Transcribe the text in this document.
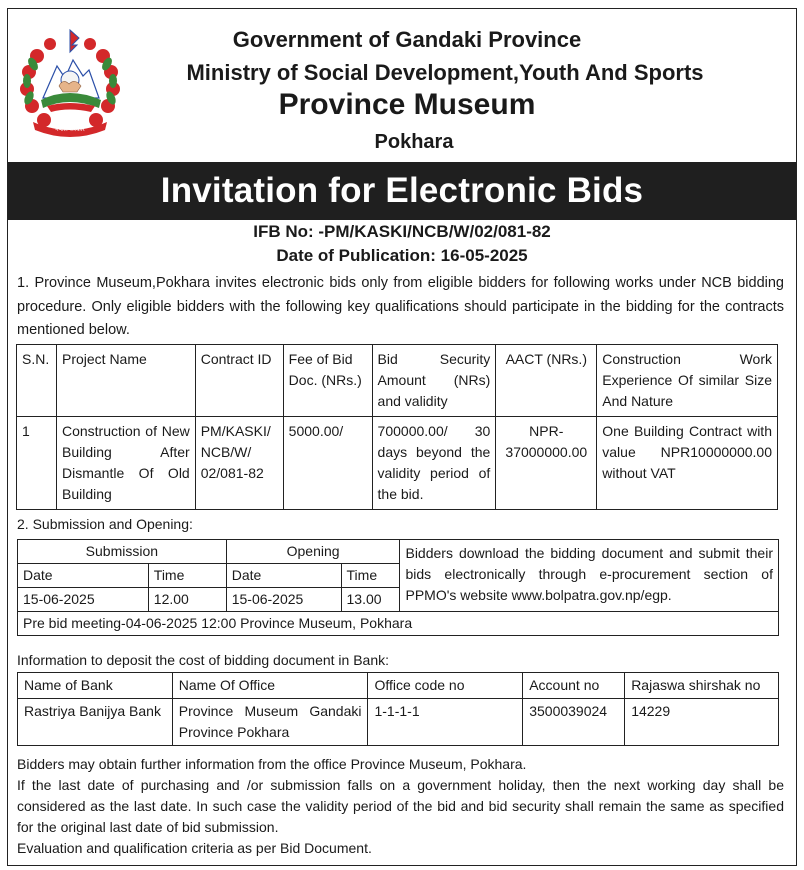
नेपाल सरकार
Government of Gandaki Province
Ministry of Social Development,Youth And Sports
Province Museum
Pokhara
Invitation for Electronic Bids
IFB No: -PM/KASKI/NCB/W/02/081-82
Date of Publication: 16-05-2025
1. Province Museum,Pokhara invites electronic bids only from eligible bidders for following works under NCB bidding procedure. Only eligible bidders with the following key qualifications should participate in the bidding for the contracts mentioned below.
S.N.	Project Name	Contract ID	Fee of Bid Doc. (NRs.)	Bid Security Amount (NRs) and validity	AACT (NRs.)	Construction Work Experience Of similar Size And Nature
1	Construction of New Building After Dismantle Of Old Building	PM/KASKI/ NCB/W/ 02/081-82	5000.00/	700000.00/ 30 days beyond the validity period of the bid.	NPR- 37000000.00	One Building Contract with value NPR10000000.00 without VAT
2. Submission and Opening:
Submission		Opening		Bidders download the bidding document and submit their bids electronically through e-procurement section of PPMO's website www.bolpatra.gov.np/egp.
Date	Time	Date	Time	
15-06-2025	12.00	15-06-2025	13.00	
Pre bid meeting-04-06-2025 12:00 Province Museum, Pokhara				
Information to deposit the cost of bidding document in Bank:
Name of Bank	Name Of Office	Office code no	Account no	Rajaswa shirshak no
Rastriya Banijya Bank	Province Museum Gandaki Province Pokhara	1-1-1-1	3500039024	14229

Bidders may obtain further information from the office Province Museum, Pokhara.

If the last date of purchasing and /or submission falls on a government holiday, then the next working day shall be considered as the last date. In such case the validity period of the bid and bid security shall remain the same as specified for the original last date of bid submission.

Evaluation and qualification criteria as per Bid Document.
